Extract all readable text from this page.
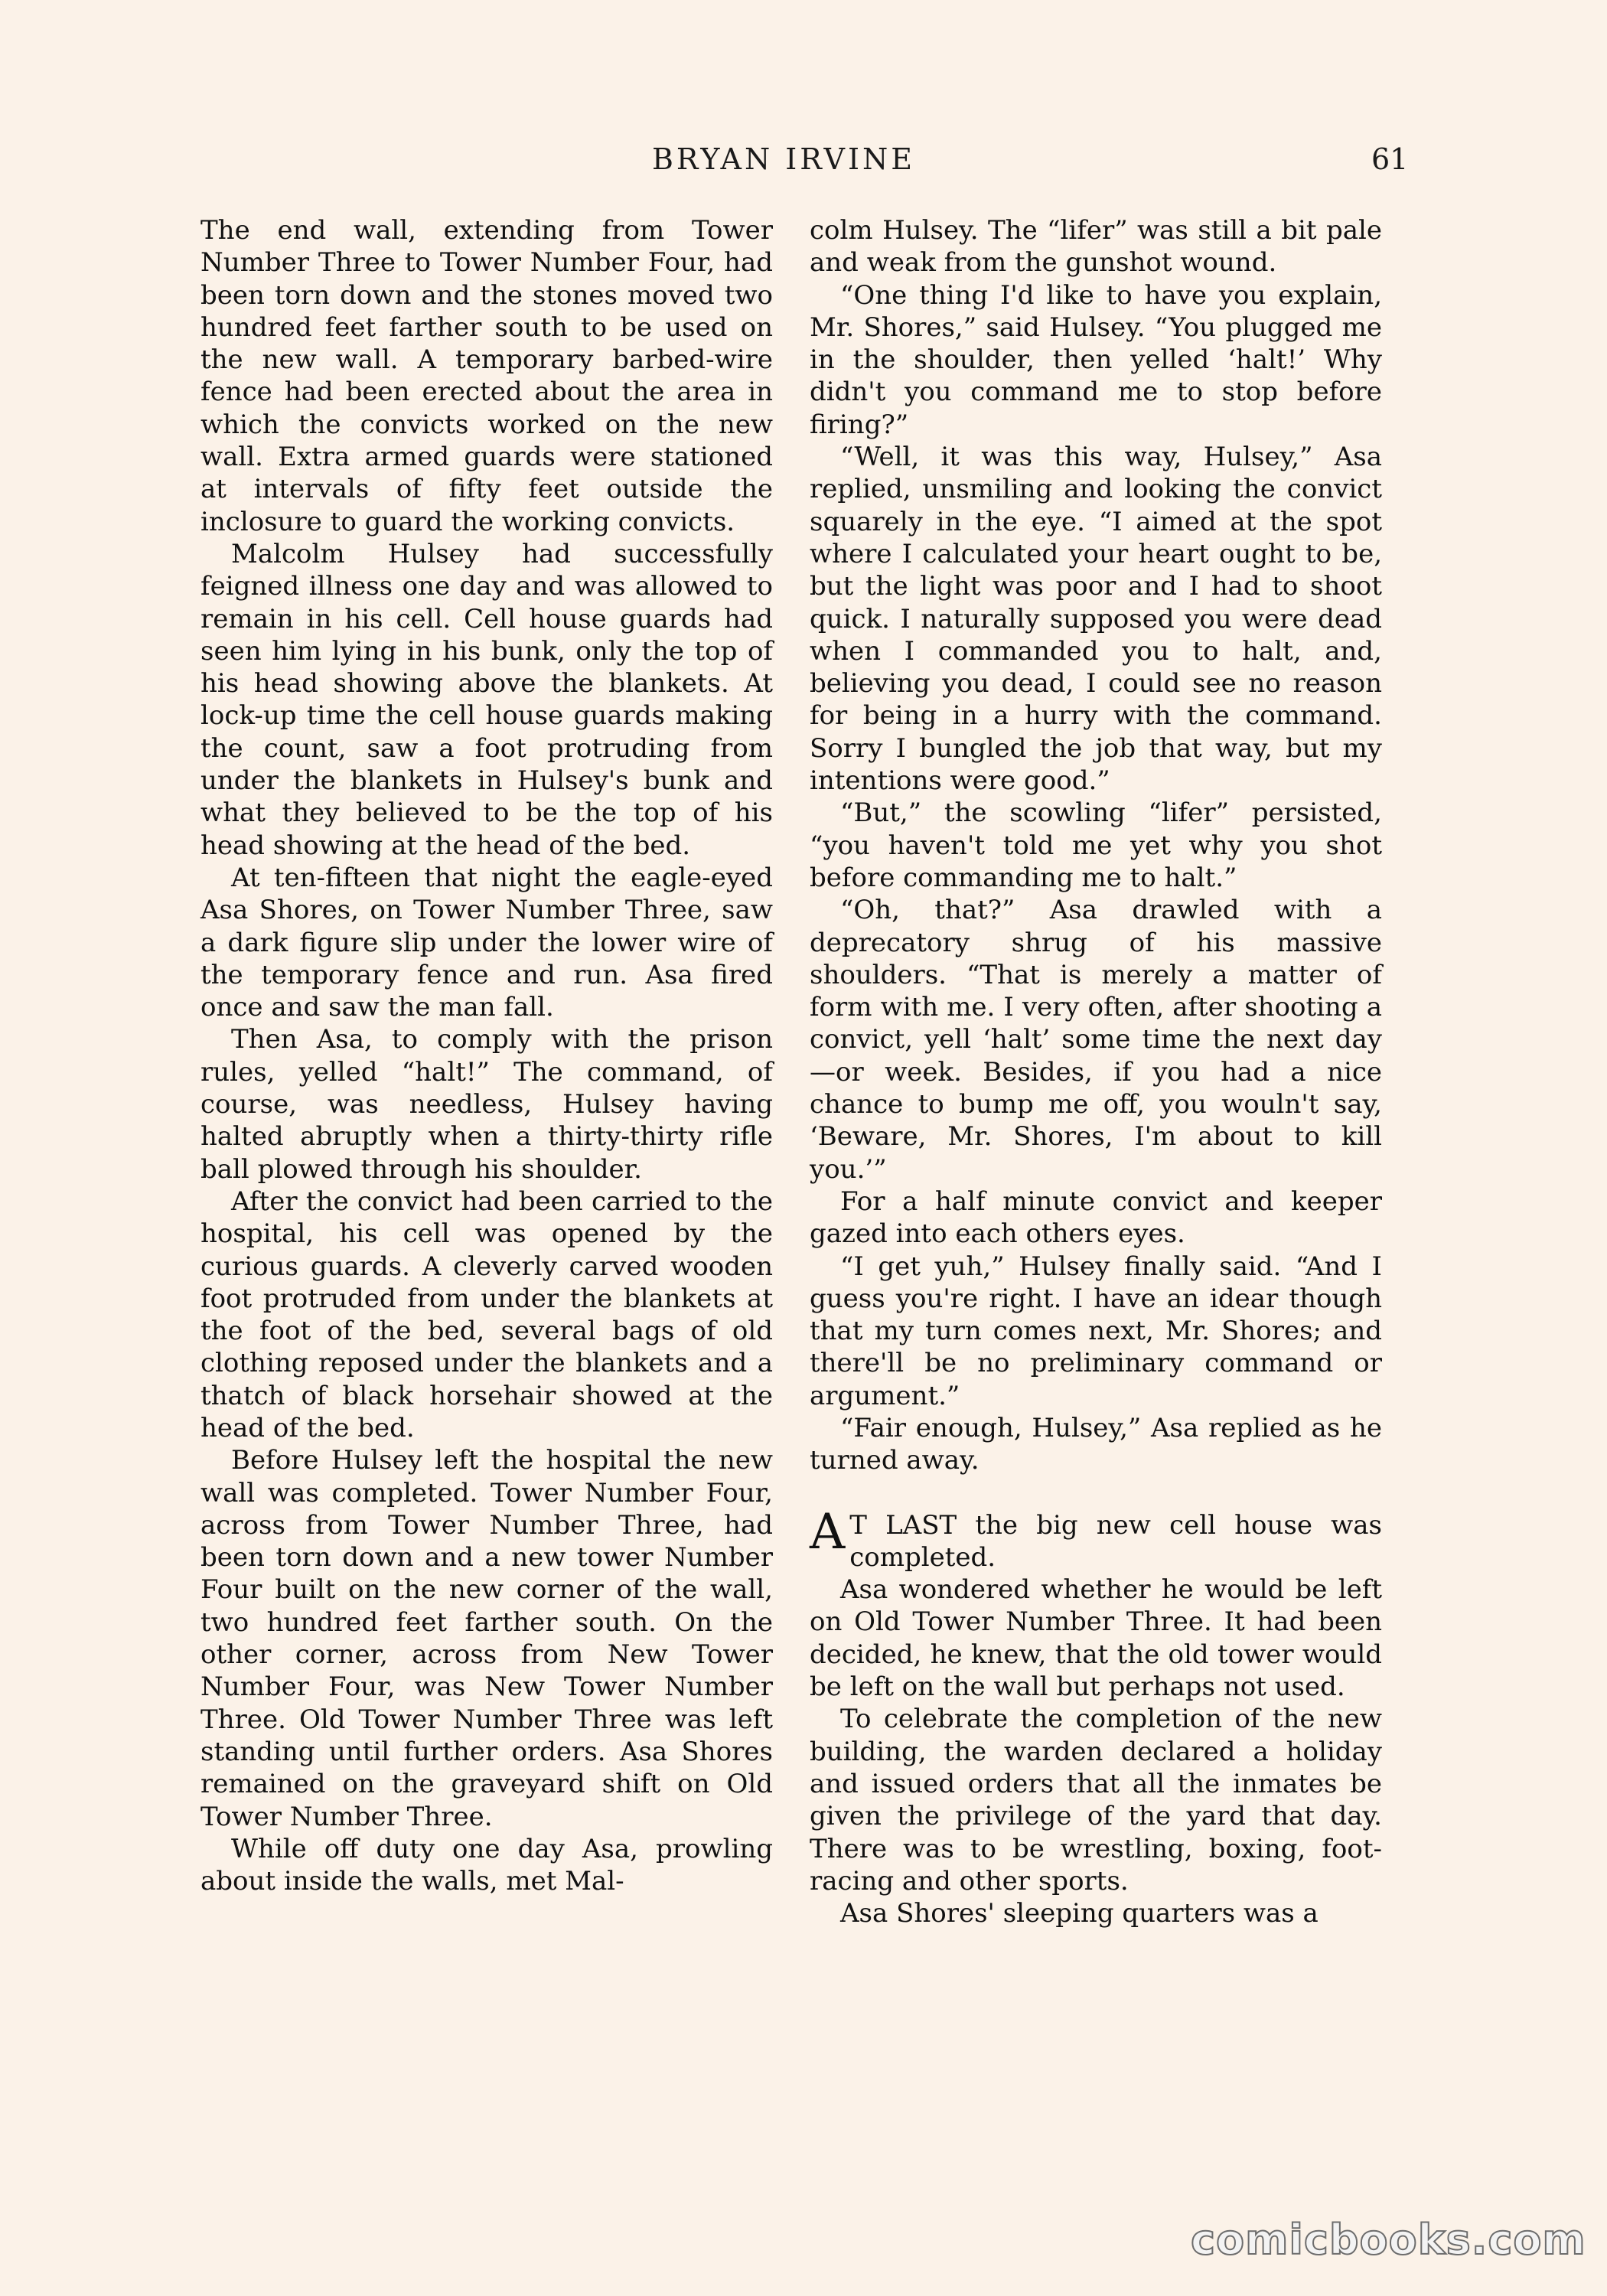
BRYAN IRVINE	61

The end wall, extending from Tower Number Three to Tower Number Four, had been torn down and the stones moved two hundred feet farther south to be used on the new wall. A temporary barbed-wire fence had been erected about the area in which the convicts worked on the new wall. Extra armed guards were stationed at intervals of fifty feet outside the inclosure to guard the working convicts.

Malcolm Hulsey had successfully feigned illness one day and was allowed to remain in his cell. Cell house guards had seen him lying in his bunk, only the top of his head showing above the blankets. At lock-up time the cell house guards making the count, saw a foot protruding from under the blankets in Hulsey's bunk and what they believed to be the top of his head showing at the head of the bed.

At ten-fifteen that night the eagle-eyed Asa Shores, on Tower Number Three, saw a dark figure slip under the lower wire of the temporary fence and run. Asa fired once and saw the man fall.

Then Asa, to comply with the prison rules, yelled “halt!” The command, of course, was needless, Hulsey having halted abruptly when a thirty-thirty rifle ball plowed through his shoulder.

After the convict had been carried to the hospital, his cell was opened by the curious guards. A cleverly carved wooden foot protruded from under the blankets at the foot of the bed, several bags of old clothing reposed under the blankets and a thatch of black horsehair showed at the head of the bed.

Before Hulsey left the hospital the new wall was completed. Tower Number Four, across from Tower Number Three, had been torn down and a new tower Number Four built on the new corner of the wall, two hundred feet farther south. On the other corner, across from New Tower Number Four, was New Tower Number Three. Old Tower Number Three was left standing until further orders. Asa Shores remained on the graveyard shift on Old Tower Number Three.

While off duty one day Asa, prowling about inside the walls, met Mal-

colm Hulsey. The “lifer” was still a bit pale and weak from the gunshot wound.

“One thing I'd like to have you explain, Mr. Shores,” said Hulsey. “You plugged me in the shoulder, then yelled ‘halt!’ Why didn't you command me to stop before firing?”

“Well, it was this way, Hulsey,” Asa replied, unsmiling and looking the convict squarely in the eye. “I aimed at the spot where I calculated your heart ought to be, but the light was poor and I had to shoot quick. I naturally supposed you were dead when I commanded you to halt, and, believing you dead, I could see no reason for being in a hurry with the command. Sorry I bungled the job that way, but my intentions were good.”

“But,” the scowling “lifer” persisted, “you haven't told me yet why you shot before commanding me to halt.”

“Oh, that?” Asa drawled with a deprecatory shrug of his massive shoulders. “That is merely a matter of form with me. I very often, after shooting a convict, yell ‘halt’ some time the next day—or week. Besides, if you had a nice chance to bump me off, you wouln't say, ‘Beware, Mr. Shores, I'm about to kill you.’”

For a half minute convict and keeper gazed into each others eyes.

“I get yuh,” Hulsey finally said. “And I guess you're right. I have an idear though that my turn comes next, Mr. Shores; and there'll be no preliminary command or argument.”

“Fair enough, Hulsey,” Asa replied as he turned away.

A T LAST the big new cell house was completed.

Asa wondered whether he would be left on Old Tower Number Three. It had been decided, he knew, that the old tower would be left on the wall but perhaps not used.

To celebrate the completion of the new building, the warden declared a holiday and issued orders that all the inmates be given the privilege of the yard that day. There was to be wrestling, boxing, foot-racing and other sports.

Asa Shores' sleeping quarters was a

comicbooks.com
